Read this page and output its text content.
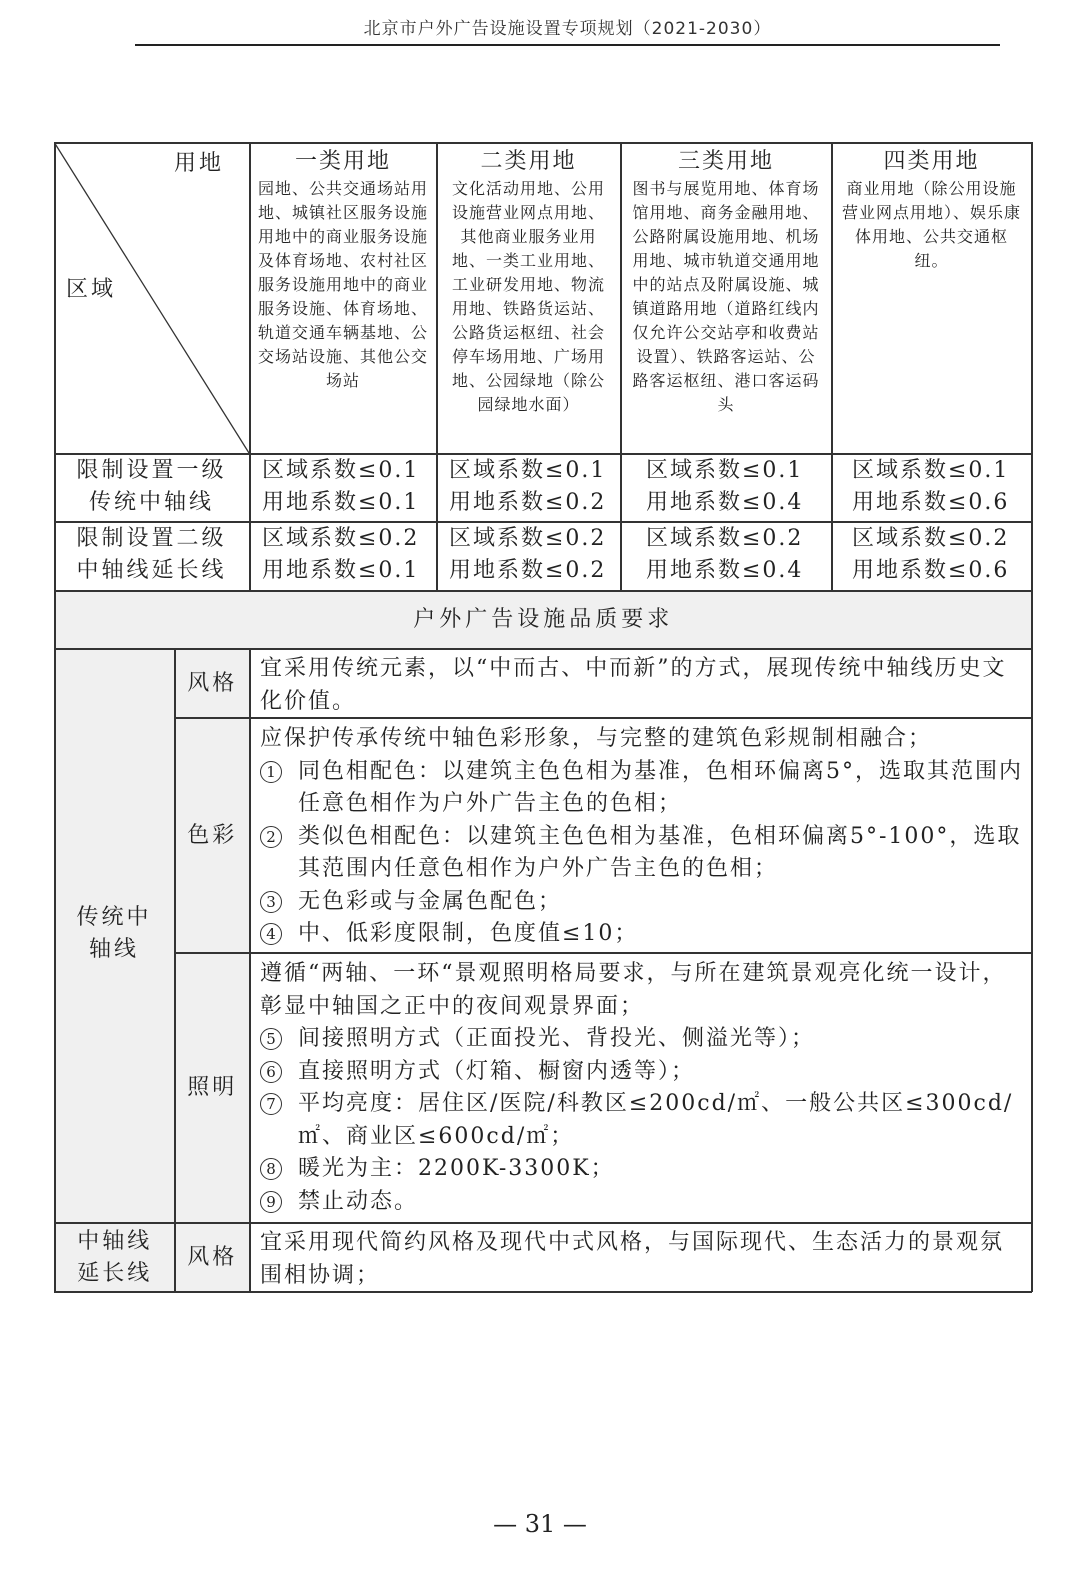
北京市户外广告设施设置专项规划（2021-2030）
用地
区域
一类用地
园地、公共交通场站用地、城镇社区服务设施用地中的商业服务设施及体育场地、农村社区服务设施用地中的商业服务设施、体育场地、轨道交通车辆基地、公交场站设施、其他公交场站
二类用地
文化活动用地、公用设施营业网点用地、其他商业服务业用地、一类工业用地、工业研发用地、物流用地、铁路货运站、公路货运枢纽、社会停车场用地、广场用地、公园绿地（除公园绿地水面）
三类用地
图书与展览用地、体育场馆用地、商务金融用地、公路附属设施用地、机场用地、城市轨道交通用地中的站点及附属设施、城镇道路用地（道路红线内仅允许公交站亭和收费站设置）、铁路客运站、公路客运枢纽、港口客运码头
四类用地
商业用地（除公用设施营业网点用地）、娱乐康体用地、公共交通枢纽。
限制设置一级
传统中轴线
区域系数≤0.1
用地系数≤0.1
区域系数≤0.1
用地系数≤0.2
区域系数≤0.1
用地系数≤0.4
区域系数≤0.1
用地系数≤0.6
限制设置二级
中轴线延长线
区域系数≤0.2
用地系数≤0.1
区域系数≤0.2
用地系数≤0.2
区域系数≤0.2
用地系数≤0.4
区域系数≤0.2
用地系数≤0.6
户外广告设施品质要求
传统中
轴线
风格
宜采用传统元素，以“中而古、中而新”的方式，展现传统中轴线历史文化价值。
色彩
应保护传承传统中轴色彩形象，与完整的建筑色彩规制相融合；
1 同色相配色：以建筑主色色相为基准，色相环偏离5°，选取其范围内任意色相作为户外广告主色的色相；
2 类似色相配色：以建筑主色色相为基准，色相环偏离5°-100°，选取其范围内任意色相作为户外广告主色的色相；
3 无色彩或与金属色配色；
4 中、低彩度限制，色度值≤10；
照明
遵循“两轴、一环“景观照明格局要求，与所在建筑景观亮化统一设计，彰显中轴国之正中的夜间观景界面；
5 间接照明方式（正面投光、背投光、侧溢光等）；
6 直接照明方式（灯箱、橱窗内透等）；
7 平均亮度：居住区/医院/科教区≤200cd/㎡、一般公共区≤300cd/㎡、商业区≤600cd/㎡；
8 暖光为主：2200K-3300K；
9 禁止动态。
中轴线
延长线
风格
宜采用现代简约风格及现代中式风格，与国际现代、生态活力的景观氛围相协调；
— 31 —
